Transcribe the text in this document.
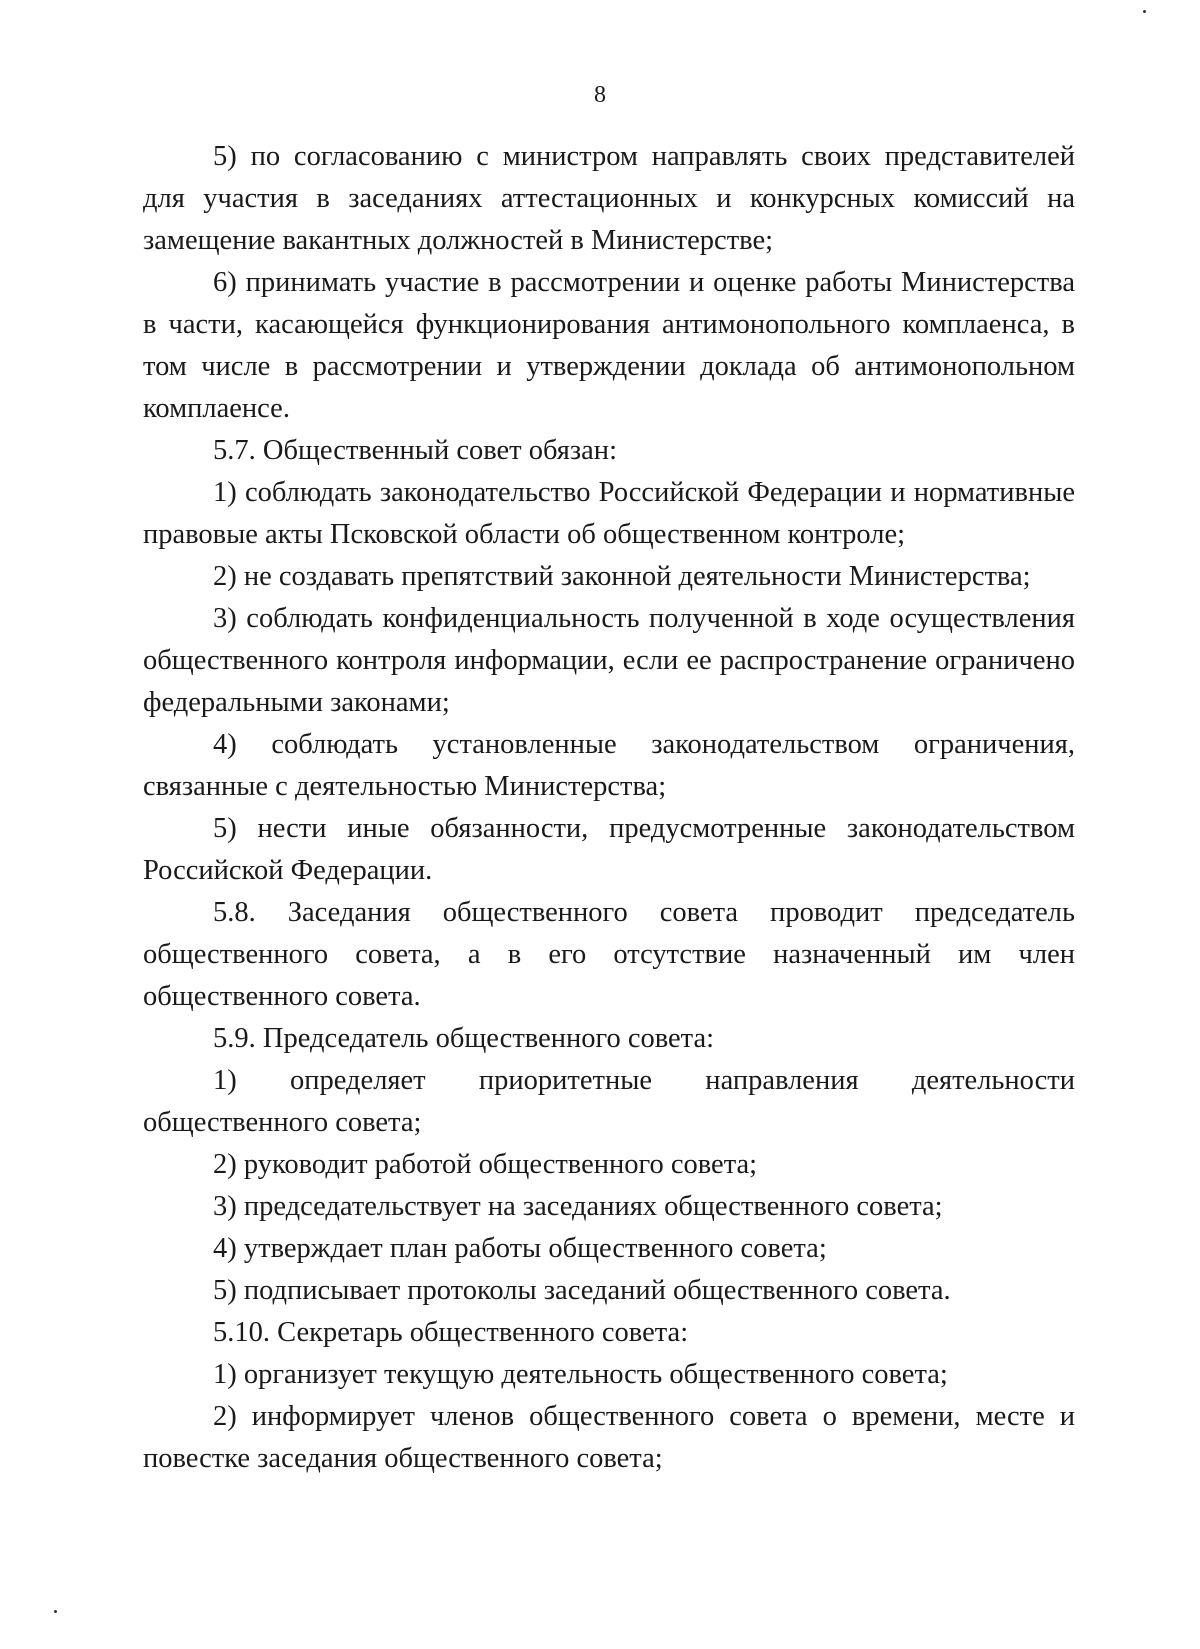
8

5) по согласованию с министром направлять своих представителей для участия в заседаниях аттестационных и конкурсных комиссий на замещение вакантных должностей в Министерстве;

6) принимать участие в рассмотрении и оценке работы Министерства в части, касающейся функционирования антимонопольного комплаенса, в том числе в рассмотрении и утверждении доклада об антимонопольном комплаенсе.

5.7. Общественный совет обязан:

1) соблюдать законодательство Российской Федерации и нормативные правовые акты Псковской области об общественном контроле;

2) не создавать препятствий законной деятельности Министерства;

3) соблюдать конфиденциальность полученной в ходе осуществления общественного контроля информации, если ее распространение ограничено федеральными законами;

4) соблюдать установленные законодательством ограничения, связанные с деятельностью Министерства;

5) нести иные обязанности, предусмотренные законодательством Российской Федерации.

5.8. Заседания общественного совета проводит председатель общественного совета, а в его отсутствие назначенный им член общественного совета.

5.9. Председатель общественного совета:

1) определяет приоритетные направления деятельности общественного совета;

2) руководит работой общественного совета;

3) председательствует на заседаниях общественного совета;

4) утверждает план работы общественного совета;

5) подписывает протоколы заседаний общественного совета.

5.10. Секретарь общественного совета:

1) организует текущую деятельность общественного совета;

2) информирует членов общественного совета о времени, месте и повестке заседания общественного совета;
